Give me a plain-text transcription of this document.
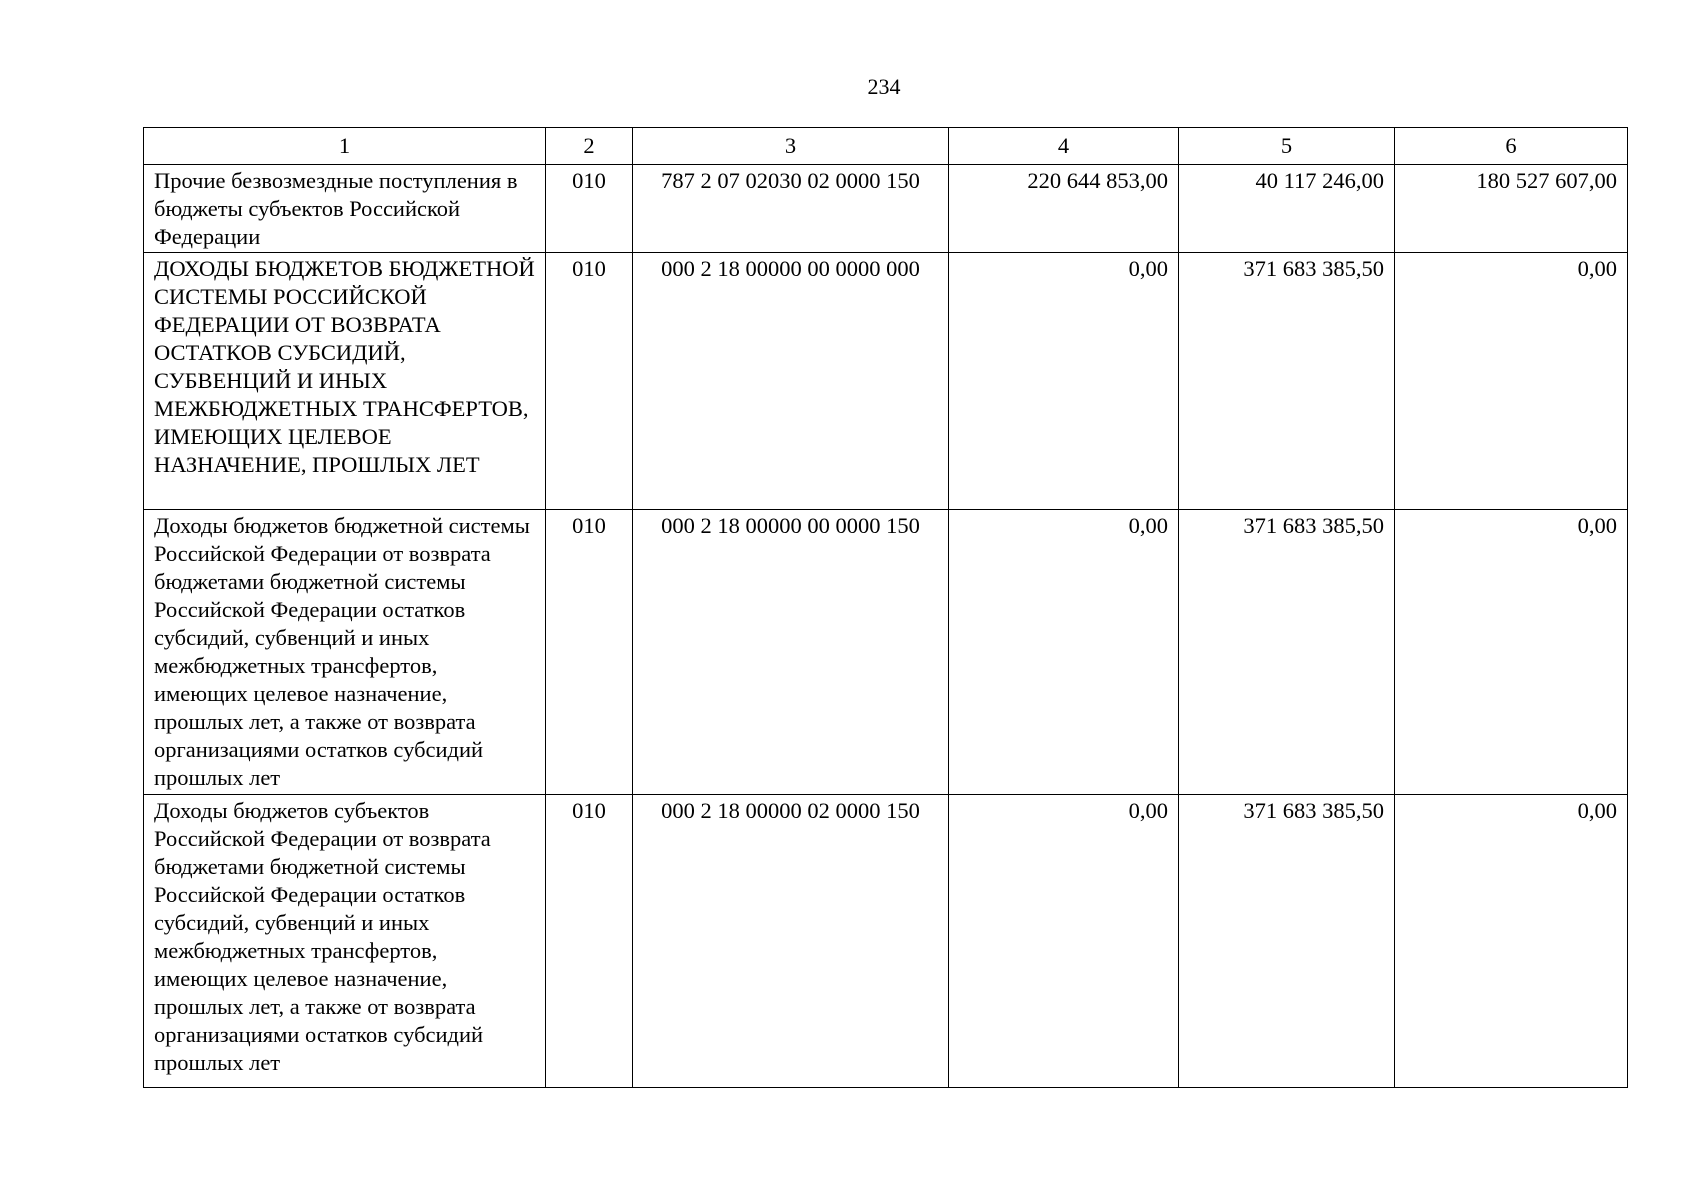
234
1	2	3	4	5	6
Прочие безвозмездные поступления в бюджеты субъектов Российской Федерации	010	787 2 07 02030 02 0000 150	220 644 853,00	40 117 246,00	180 527 607,00
ДОХОДЫ БЮДЖЕТОВ БЮДЖЕТНОЙ СИСТЕМЫ РОССИЙСКОЙ ФЕДЕРАЦИИ ОТ ВОЗВРАТА ОСТАТКОВ СУБСИДИЙ, СУБВЕНЦИЙ И ИНЫХ МЕЖБЮДЖЕТНЫХ ТРАНСФЕРТОВ, ИМЕЮЩИХ ЦЕЛЕВОЕ НАЗНАЧЕНИЕ, ПРОШЛЫХ ЛЕТ	010	000 2 18 00000 00 0000 000	0,00	371 683 385,50	0,00
Доходы бюджетов бюджетной системы Российской Федерации от возврата бюджетами бюджетной системы Российской Федерации остатков субсидий, субвенций и иных межбюджетных трансфертов, имеющих целевое назначение, прошлых лет, а также от возврата организациями остатков субсидий прошлых лет	010	000 2 18 00000 00 0000 150	0,00	371 683 385,50	0,00
Доходы бюджетов субъектов Российской Федерации от возврата бюджетами бюджетной системы Российской Федерации остатков субсидий, субвенций и иных межбюджетных трансфертов, имеющих целевое назначение, прошлых лет, а также от возврата организациями остатков субсидий прошлых лет	010	000 2 18 00000 02 0000 150	0,00	371 683 385,50	0,00
